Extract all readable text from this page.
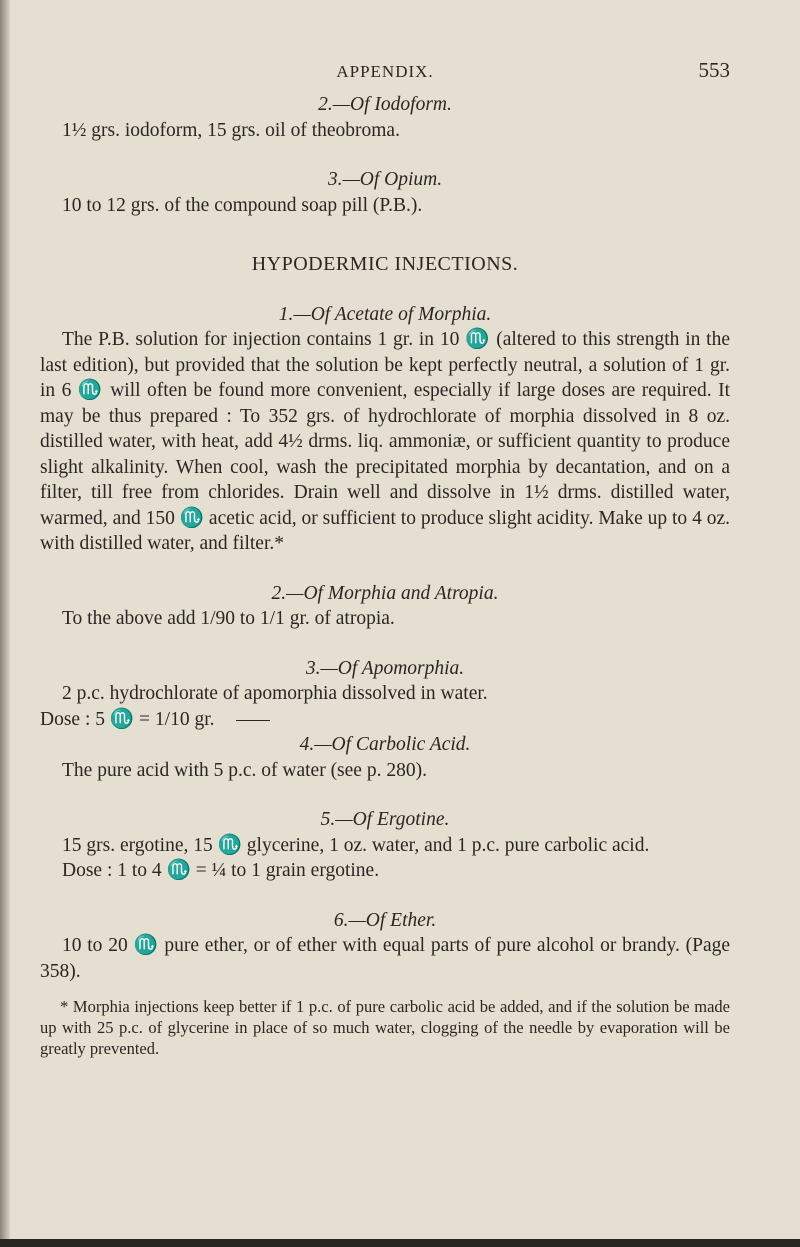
APPENDIX.	553
2.—Of Iodoform.

1½ grs. iodoform, 15 grs. oil of theobroma.

3.—Of Opium.

10 to 12 grs. of the compound soap pill (P.B.).

HYPODERMIC INJECTIONS.
1.—Of Acetate of Morphia.

The P.B. solution for injection contains 1 gr. in 10 ♏ (altered to this strength in the last edition), but provided that the solution be kept perfectly neutral, a solution of 1 gr. in 6 ♏ will often be found more convenient, especially if large doses are required. It may be thus prepared : To 352 grs. of hydrochlorate of morphia dissolved in 8 oz. distilled water, with heat, add 4½ drms. liq. ammoniæ, or sufficient quantity to produce slight alkalinity. When cool, wash the precipitated morphia by decantation, and on a filter, till free from chlorides. Drain well and dissolve in 1½ drms. distilled water, warmed, and 150 ♏ acetic acid, or sufficient to produce slight acidity. Make up to 4 oz. with distilled water, and filter.*

2.—Of Morphia and Atropia.

To the above add 1/90 to 1/1 gr. of atropia.

3.—Of Apomorphia.

2 p.c. hydrochlorate of apomorphia dissolved in water.

Dose : 5 ♏ = 1/10 gr.

4.—Of Carbolic Acid.

The pure acid with 5 p.c. of water (see p. 280).

5.—Of Ergotine.

15 grs. ergotine, 15 ♏ glycerine, 1 oz. water, and 1 p.c. pure carbolic acid.

Dose : 1 to 4 ♏ = ¼ to 1 grain ergotine.

6.—Of Ether.

10 to 20 ♏ pure ether, or of ether with equal parts of pure alcohol or brandy. (Page 358).

* Morphia injections keep better if 1 p.c. of pure carbolic acid be added, and if the solution be made up with 25 p.c. of glycerine in place of so much water, clogging of the needle by evaporation will be greatly prevented.
